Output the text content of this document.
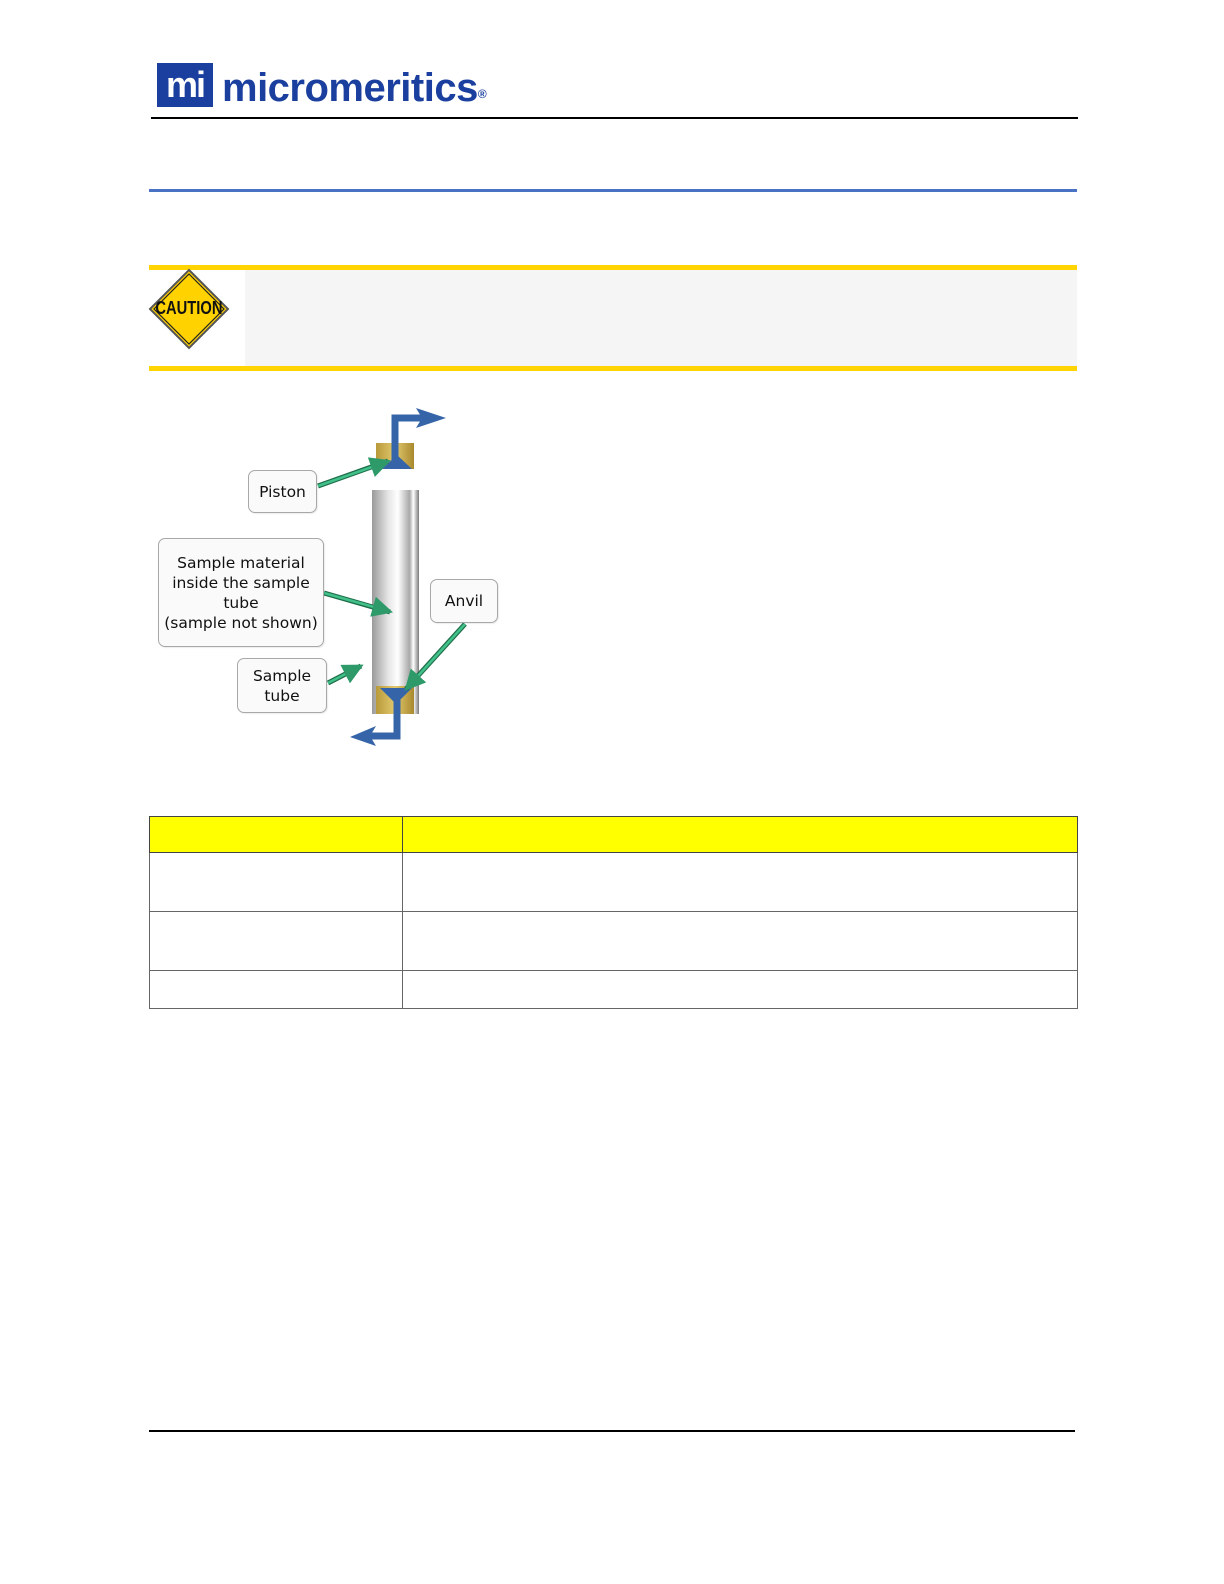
mi micromeritics®
CAUTION
Piston
Sample material
inside the sample
tube
(sample not shown)
Sample
tube
Anvil
